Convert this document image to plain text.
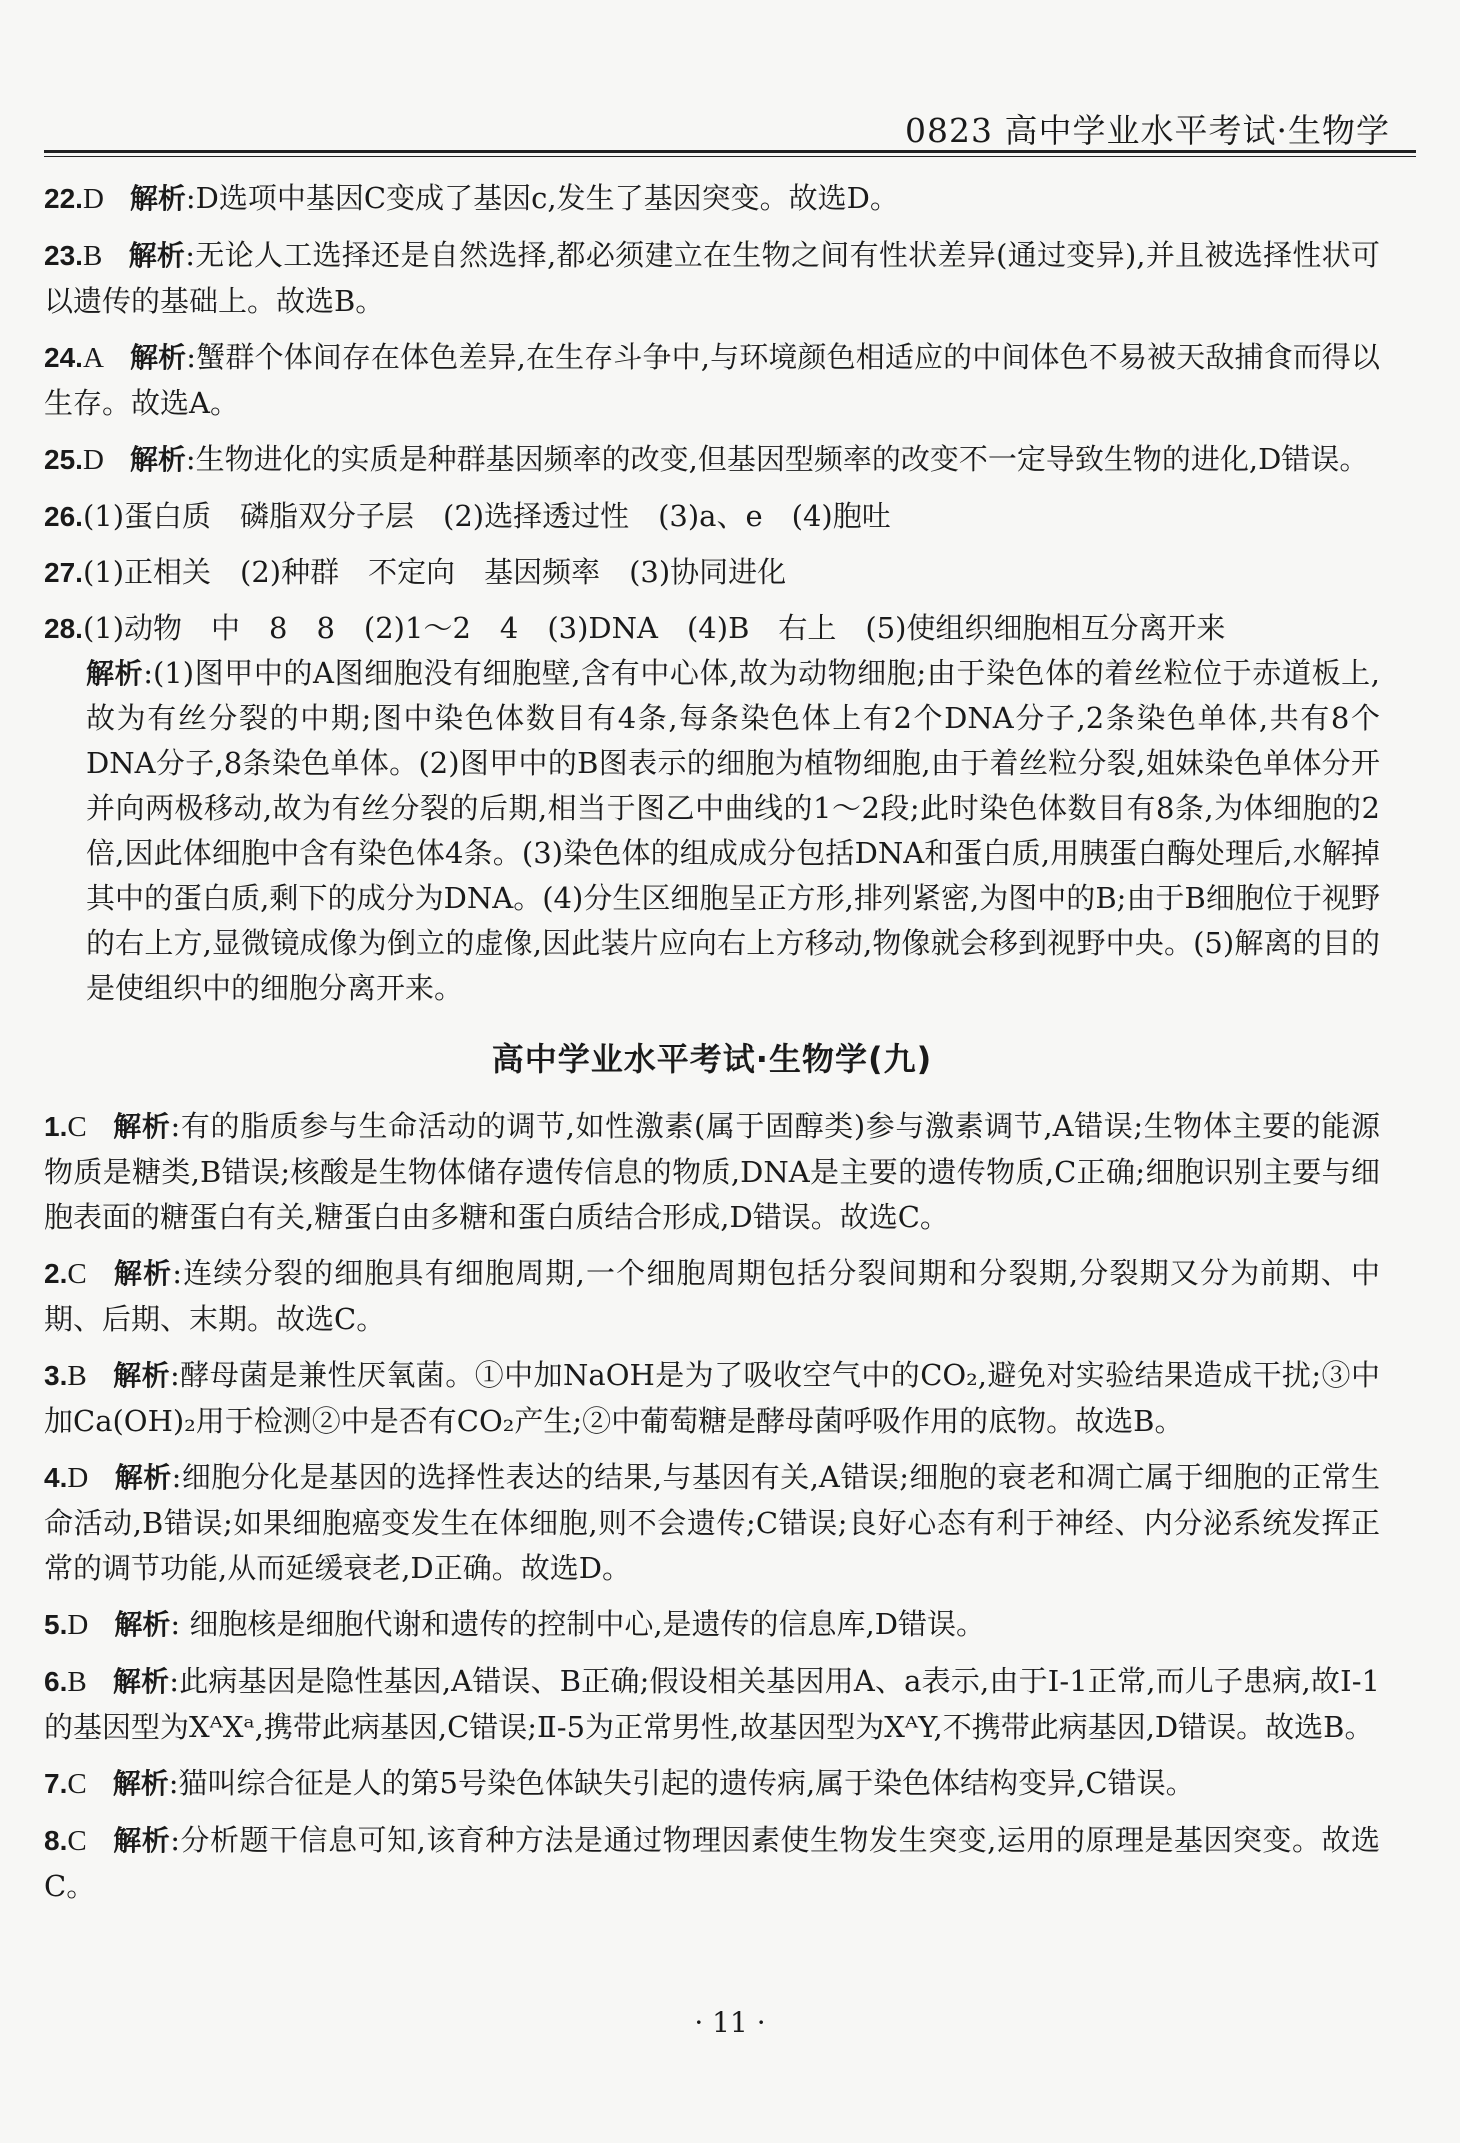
0823 高中学业水平考试·生物学
22.D 解析:D选项中基因C变成了基因c,发生了基因突变。故选D。
23.B 解析:无论人工选择还是自然选择,都必须建立在生物之间有性状差异(通过变异),并且被选择性状可以遗传的基础上。故选B。
24.A 解析:蟹群个体间存在体色差异,在生存斗争中,与环境颜色相适应的中间体色不易被天敌捕食而得以生存。故选A。
25.D 解析:生物进化的实质是种群基因频率的改变,但基因型频率的改变不一定导致生物的进化,D错误。
26.(1)蛋白质　磷脂双分子层　(2)选择透过性　(3)a、e　(4)胞吐
27.(1)正相关　(2)种群　不定向　基因频率　(3)协同进化
28.(1)动物　中　8　8　(2)1～2　4　(3)DNA　(4)B　右上　(5)使组织细胞相互分离开来
解析:(1)图甲中的A图细胞没有细胞壁,含有中心体,故为动物细胞;由于染色体的着丝粒位于赤道板上,故为有丝分裂的中期;图中染色体数目有4条,每条染色体上有2个DNA分子,2条染色单体,共有8个DNA分子,8条染色单体。(2)图甲中的B图表示的细胞为植物细胞,由于着丝粒分裂,姐妹染色单体分开并向两极移动,故为有丝分裂的后期,相当于图乙中曲线的1～2段;此时染色体数目有8条,为体细胞的2倍,因此体细胞中含有染色体4条。(3)染色体的组成成分包括DNA和蛋白质,用胰蛋白酶处理后,水解掉其中的蛋白质,剩下的成分为DNA。(4)分生区细胞呈正方形,排列紧密,为图中的B;由于B细胞位于视野的右上方,显微镜成像为倒立的虚像,因此装片应向右上方移动,物像就会移到视野中央。(5)解离的目的是使组织中的细胞分离开来。
高中学业水平考试·生物学(九)
1.C 解析:有的脂质参与生命活动的调节,如性激素(属于固醇类)参与激素调节,A错误;生物体主要的能源物质是糖类,B错误;核酸是生物体储存遗传信息的物质,DNA是主要的遗传物质,C正确;细胞识别主要与细胞表面的糖蛋白有关,糖蛋白由多糖和蛋白质结合形成,D错误。故选C。
2.C 解析:连续分裂的细胞具有细胞周期,一个细胞周期包括分裂间期和分裂期,分裂期又分为前期、中期、后期、末期。故选C。
3.B 解析:酵母菌是兼性厌氧菌。①中加NaOH是为了吸收空气中的CO₂,避免对实验结果造成干扰;③中加Ca(OH)₂用于检测②中是否有CO₂产生;②中葡萄糖是酵母菌呼吸作用的底物。故选B。
4.D 解析:细胞分化是基因的选择性表达的结果,与基因有关,A错误;细胞的衰老和凋亡属于细胞的正常生命活动,B错误;如果细胞癌变发生在体细胞,则不会遗传;C错误;良好心态有利于神经、内分泌系统发挥正常的调节功能,从而延缓衰老,D正确。故选D。
5.D 解析: 细胞核是细胞代谢和遗传的控制中心,是遗传的信息库,D错误。
6.B 解析:此病基因是隐性基因,A错误、B正确;假设相关基因用A、a表示,由于Ⅰ-1正常,而儿子患病,故Ⅰ-1的基因型为XᴬXᵃ,携带此病基因,C错误;Ⅱ-5为正常男性,故基因型为XᴬY,不携带此病基因,D错误。故选B。
7.C 解析:猫叫综合征是人的第5号染色体缺失引起的遗传病,属于染色体结构变异,C错误。
8.C 解析:分析题干信息可知,该育种方法是通过物理因素使生物发生突变,运用的原理是基因突变。故选C。
· 11 ·
